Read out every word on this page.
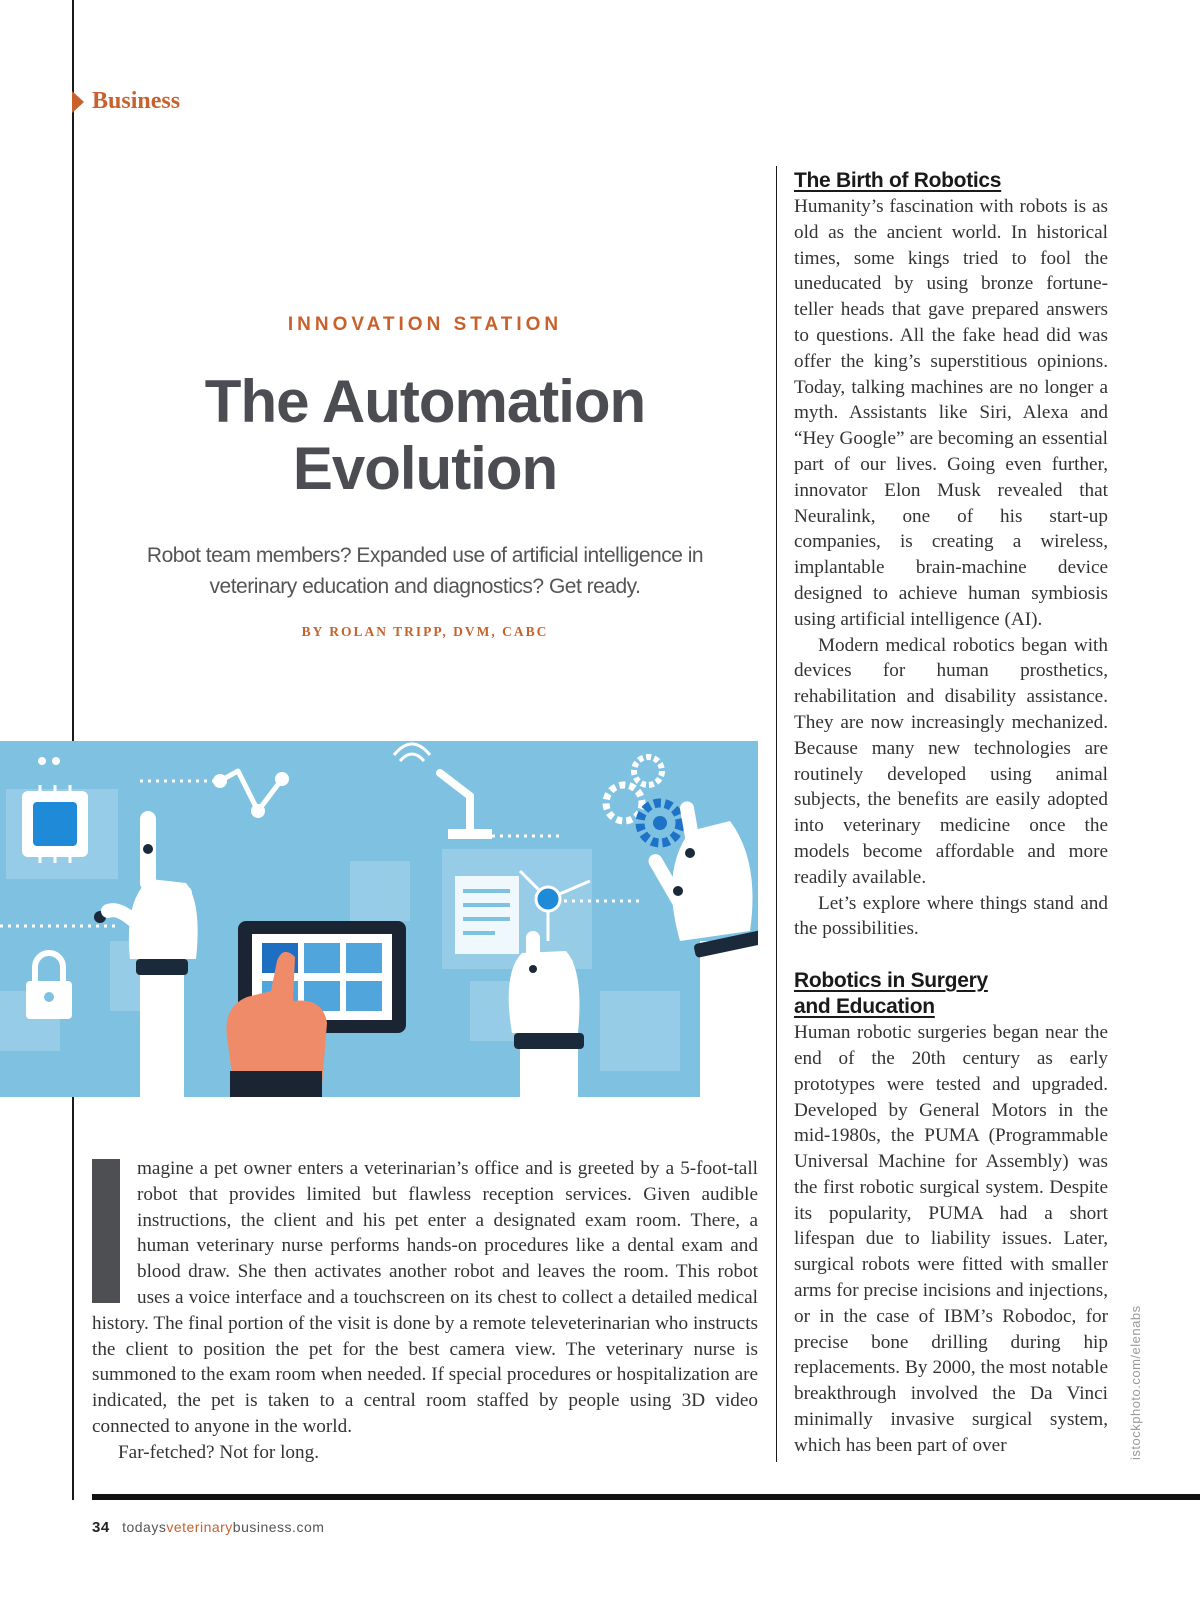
Business
INNOVATION STATION
The Automation
Evolution
Robot team members? Expanded use of artificial intelligence in veterinary education and diagnostics? Get ready.
BY ROLAN TRIPP, DVM, CABC

magine a pet owner enters a veterinarian’s office and is greeted by a 5-foot-tall robot that provides limited but flawless reception services. Given audible instructions, the client and his pet enter a designated exam room. There, a human veterinary nurse performs hands-on procedures like a dental exam and blood draw. She then activates another robot and leaves the room. This robot uses a voice interface and a touchscreen on its chest to collect a detailed medical history. The final portion of the visit is done by a remote televeterinarian who instructs the client to position the pet for the best camera view. The veterinary nurse is summoned to the exam room when needed. If special procedures or hospitalization are indicated, the pet is taken to a central room staffed by people using 3D video connected to anyone in the world.

Far-fetched? Not for long.

The Birth of Robotics

Humanity’s fascination with robots is as old as the ancient world. In historical times, some kings tried to fool the uneducated by using bronze fortune-teller heads that gave prepared answers to questions. All the fake head did was offer the king’s superstitious opinions. Today, talking machines are no longer a myth. Assistants like Siri, Alexa and “Hey Google” are becoming an essential part of our lives. Going even further, innovator Elon Musk revealed that Neuralink, one of his start-up companies, is creating a wireless, implantable brain-machine device designed to achieve human symbiosis using artificial intelligence (AI).

Modern medical robotics began with devices for human prosthetics, rehabilitation and disability assistance. They are now increasingly mechanized. Because many new technologies are routinely developed using animal subjects, the benefits are easily adopted into veterinary medicine once the models become affordable and more readily available.

Let’s explore where things stand and the possibilities.

Robotics in Surgery
and Education

Human robotic surgeries began near the end of the 20th century as early prototypes were tested and upgraded. Developed by General Motors in the mid-1980s, the PUMA (Programmable Universal Machine for Assembly) was the first robotic surgical system. Despite its popularity, PUMA had a short lifespan due to liability issues. Later, surgical robots were fitted with smaller arms for precise incisions and injections, or in the case of IBM’s Robodoc, for precise bone drilling during hip replacements. By 2000, the most notable breakthrough involved the Da Vinci minimally invasive surgical system, which has been part of over	istockphoto.com/elenabs
34 todaysveterinarybusiness.com
